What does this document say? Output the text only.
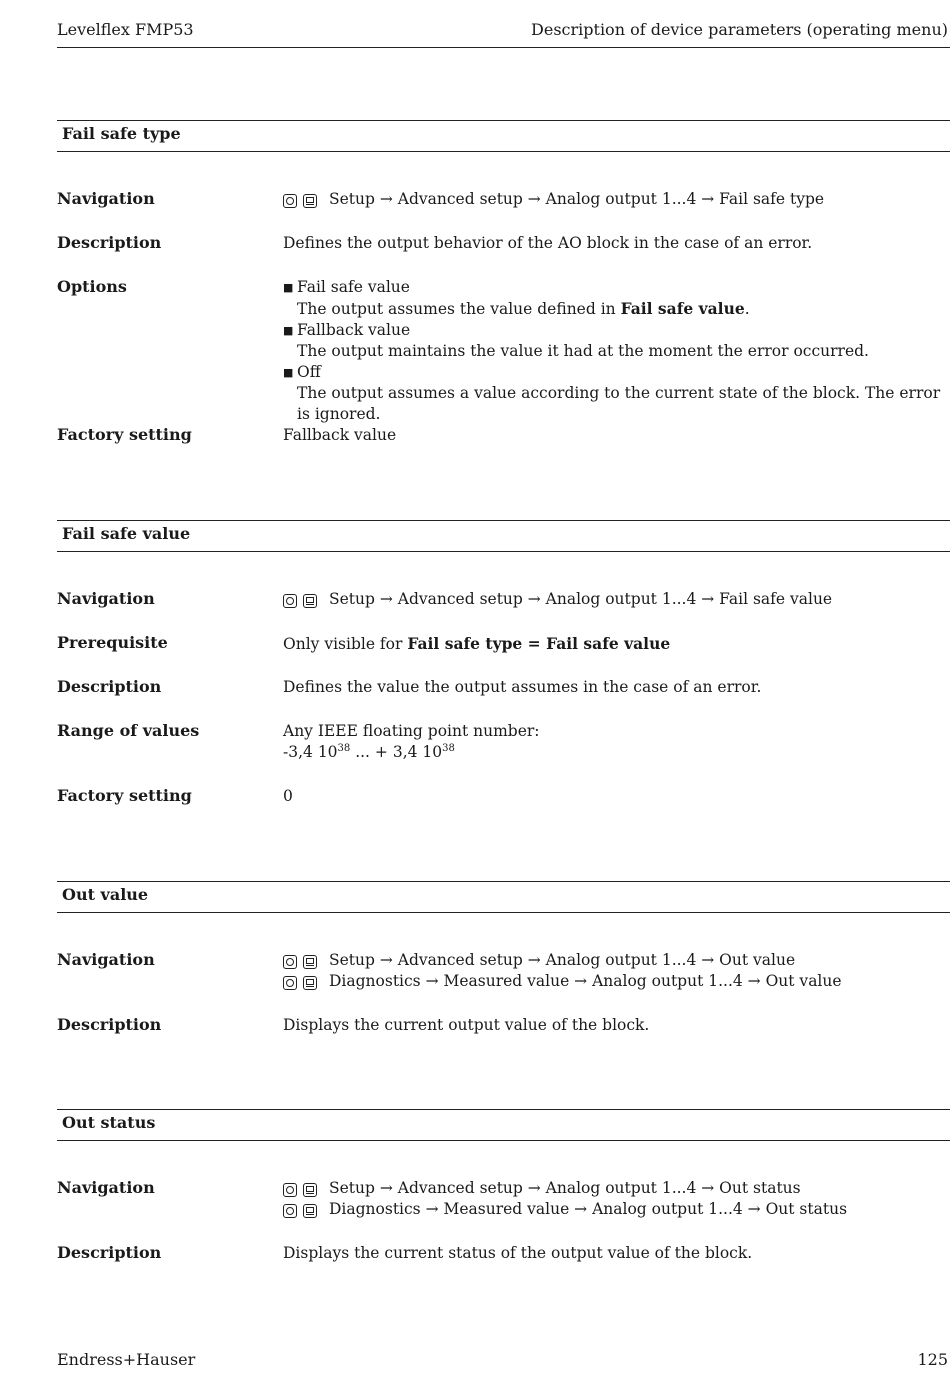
Levelflex FMP53	Description of device parameters (operating menu)
Fail safe type
Navigation	Setup → Advanced setup → Analog output 1...4 → Fail safe type
Description	Defines the output behavior of the AO block in the case of an error.
Options	■ Fail safe value
The output assumes the value defined in Fail safe value.
■ Fallback value
The output maintains the value it had at the moment the error occurred.
■ Off
The output assumes a value according to the current state of the block. The error is ignored.
Factory setting	Fallback value
Fail safe value
Navigation	Setup → Advanced setup → Analog output 1...4 → Fail safe value
Prerequisite	Only visible for Fail safe type = Fail safe value
Description	Defines the value the output assumes in the case of an error.
Range of values	Any IEEE floating point number:
-3,4 $10^{38}$ ... + 3,4 $10^{38}$
Factory setting	0
Out value
Navigation	Setup → Advanced setup → Analog output 1...4 → Out value
Diagnostics → Measured value → Analog output 1...4 → Out value
Description	Displays the current output value of the block.
Out status
Navigation	Setup → Advanced setup → Analog output 1...4 → Out status
Diagnostics → Measured value → Analog output 1...4 → Out status
Description	Displays the current status of the output value of the block.
Endress+Hauser	125
